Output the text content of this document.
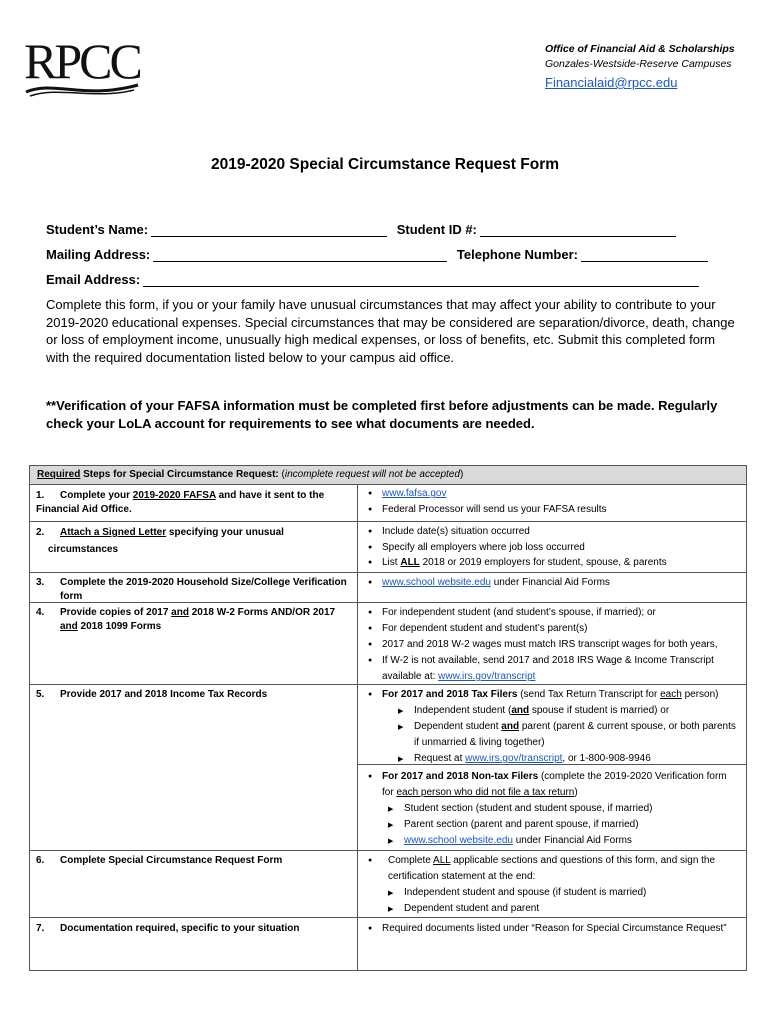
RPCC	Office of Financial Aid & Scholarships
Gonzales-Westside-Reserve Campuses
Financialaid@rpcc.edu
2019-2020 Special Circumstance Request Form
Student’s Name:	Student ID #:
Mailing Address:	Telephone Number:
Email Address:
Complete this form, if you or your family have unusual circumstances that may affect your ability to contribute to your 2019-2020 educational expenses. Special circumstances that may be considered are separation/divorce, death, change or loss of employment income, unusually high medical expenses, or loss of benefits, etc. Submit this completed form with the required documentation listed below to your campus aid office.
**Verification of your FAFSA information must be completed first before adjustments can be made. Regularly check your LoLA account for requirements to see what documents are needed.
Required Steps for Special Circumstance Request: (incomplete request will not be accepted)
1. Complete your 2019-2020 FAFSA and have it sent to the Financial Aid Office.
● www.fafsa.gov
● Federal Processor will send us your FAFSA results
2. Attach a Signed Letter specifying your unusual
circumstances
● Include date(s) situation occurred
● Specify all employers where job loss occurred
● List ALL 2018 or 2019 employers for student, spouse, & parents
3. Complete the 2019-2020 Household Size/College Verification form
● www.school website.edu under Financial Aid Forms
4. Provide copies of 2017 and 2018 W-2 Forms AND/OR 2017 and 2018 1099 Forms
● For independent student (and student’s spouse, if married); or
● For dependent student and student’s parent(s)
● 2017 and 2018 W-2 wages must match IRS transcript wages for both years,
● If W-2 is not available, send 2017 and 2018 IRS Wage & Income Transcript available at: www.irs.gov/transcript
5. Provide 2017 and 2018 Income Tax Records	● For 2017 and 2018 Tax Filers (send Tax Return Transcript for each person)
▶ Independent student (and spouse if student is married) or
▶ Dependent student and parent (parent & current spouse, or both parents if unmarried & living together)
▶ Request at www.irs.gov/transcript, or 1-800-908-9946
● For 2017 and 2018 Non-tax Filers (complete the 2019-2020 Verification form for each person who did not file a tax return)
▶ Student section (student and student spouse, if married)
▶ Parent section (parent and parent spouse, if married)
▶ www.school website.edu under Financial Aid Forms
6. Complete Special Circumstance Request Form	● Complete ALL applicable sections and questions of this form, and sign the certification statement at the end:
▶ Independent student and spouse (if student is married)
▶ Dependent student and parent
7. Documentation required, specific to your situation	● Required documents listed under “Reason for Special Circumstance Request”
